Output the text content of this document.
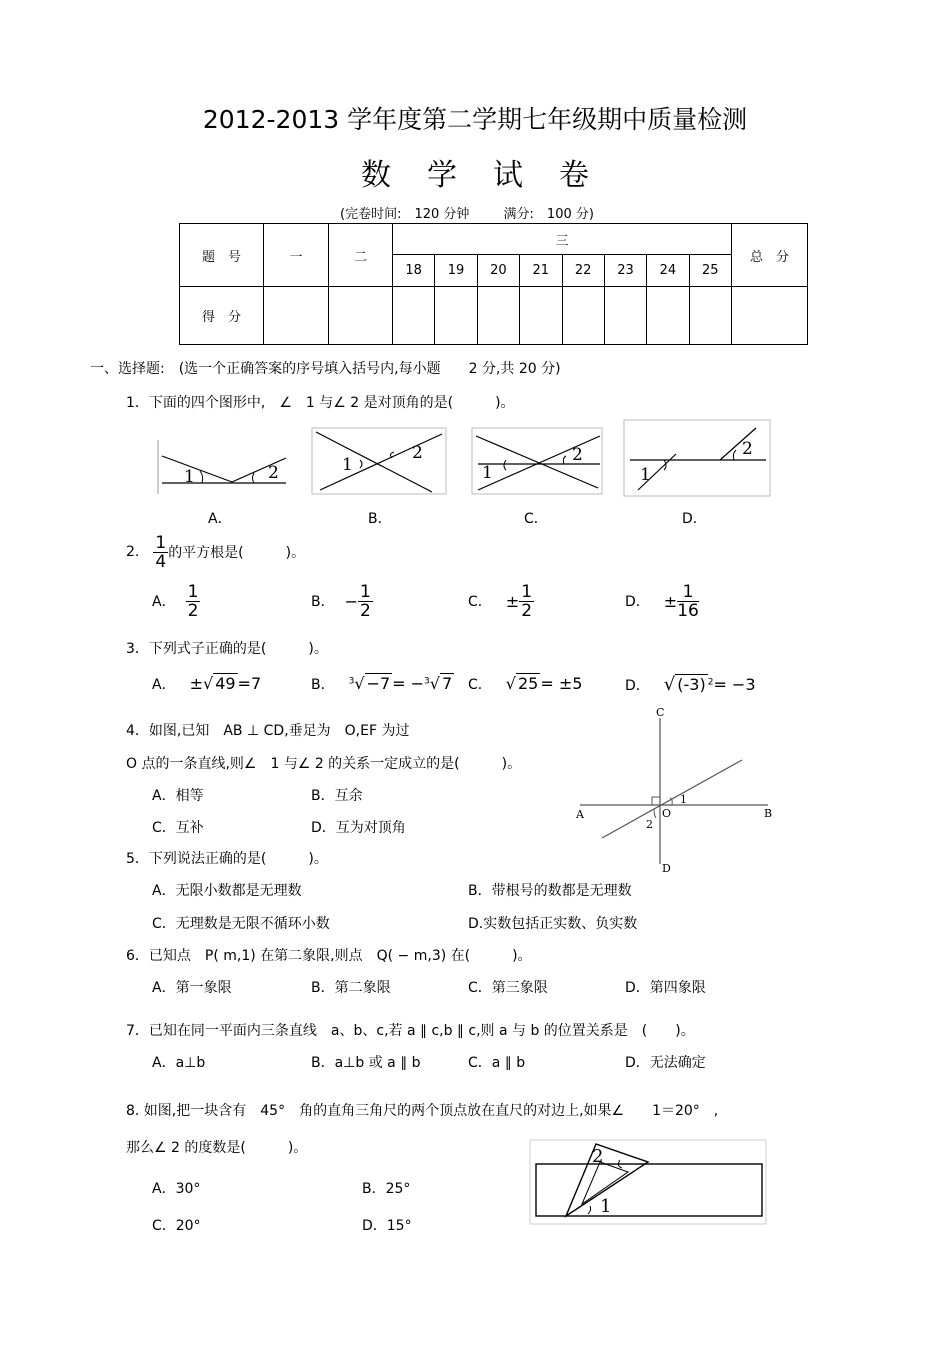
2012-2013 学年度第二学期七年级期中质量检测
数学试卷
(完卷时间:　120 分钟	满分:　100 分)
题　号	一	二	三								总　分
			18	19	20	21	22	23	24	25	
得　分											
一、选择题:　(选一个正确答案的序号填入括号内,每小题　　2 分,共 20 分)
1．下面的四个图形中,　∠　1 与∠ 2 是对顶角的是(　　　)。
1	2	1
2
1
2
1
2
A．	B．	C．	D．
2. $\frac{1}{4}$ 的平方根是(　　　)。
A． $\frac{1}{2}$	B． − $\frac{1}{2}$	C． ± $\frac{1}{2}$	D． ± $\frac{1}{16}$
3．下列式子正确的是(　　　)。
A． ±√ 49 =7	B． $^3$√ −7 = −$^3$√ 7 C． √ 25 = ±5	D． √ (-3) $^2$= −3
4．如图,已知　AB ⊥ CD,垂足为　O,EF 为过
O 点的一条直线,则∠　1 与∠ 2 的关系一定成立的是(　　　)。
A．相等	B．互余
C．互补	D．互为对顶角
C
D
A	B
O
1
2
5．下列说法正确的是(　　　)。
A．无限小数都是无理数	B．带根号的数都是无理数
C．无理数是无限不循环小数	D.实数包括正实数、负实数
6．已知点　P( m,1) 在第二象限,则点　Q( − m,3) 在(　　　)。
A．第一象限	B．第二象限	C．第三象限	D．第四象限
7．已知在同一平面内三条直线　a、b、c,若 a ∥ c,b ∥ c,则 a 与 b 的位置关系是　(　　)。
A．a⊥b	B．a⊥b 或 a ∥ b	C．a ∥ b	D．无法确定
8. 如图,把一块含有　45°　角的直角三角尺的两个顶点放在直尺的对边上,如果∠　　1＝20°　,
那么∠ 2 的度数是(　　　)。
A．30°	B．25°
C．20°	D．15°
1
2
